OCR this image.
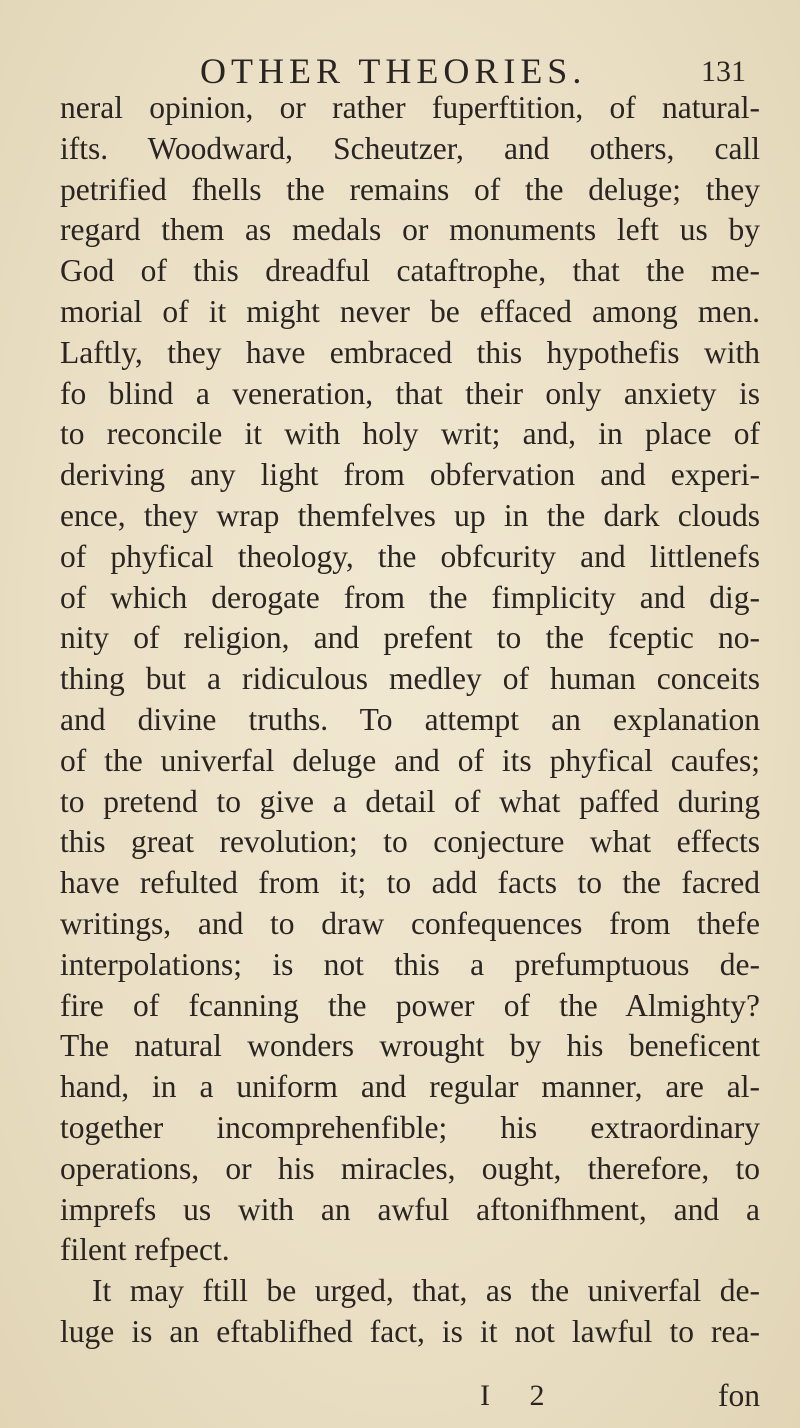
OTHER THEORIES.	131
neral opinion, or rather fuperftition, of natural-
ifts. Woodward, Scheutzer, and others, call
petrified fhells the remains of the deluge; they
regard them as medals or monuments left us by
God of this dreadful cataftrophe, that the me-
morial of it might never be effaced among men.
Laftly, they have embraced this hypothefis with
fo blind a veneration, that their only anxiety is
to reconcile it with holy writ; and, in place of
deriving any light from obfervation and experi-
ence, they wrap themfelves up in the dark clouds
of phyfical theology, the obfcurity and littlenefs
of which derogate from the fimplicity and dig-
nity of religion, and prefent to the fceptic no-
thing but a ridiculous medley of human conceits
and divine truths. To attempt an explanation
of the univerfal deluge and of its phyfical caufes;
to pretend to give a detail of what paffed during
this great revolution; to conjecture what effects
have refulted from it; to add facts to the facred
writings, and to draw confequences from thefe
interpolations; is not this a prefumptuous de-
fire of fcanning the power of the Almighty?
The natural wonders wrought by his beneficent
hand, in a uniform and regular manner, are al-
together incomprehenfible; his extraordinary
operations, or his miracles, ought, therefore, to
imprefs us with an awful aftonifhment, and a
filent refpect.
It may ftill be urged, that, as the univerfal de-
luge is an eftablifhed fact, is it not lawful to rea-
I 2	fon
